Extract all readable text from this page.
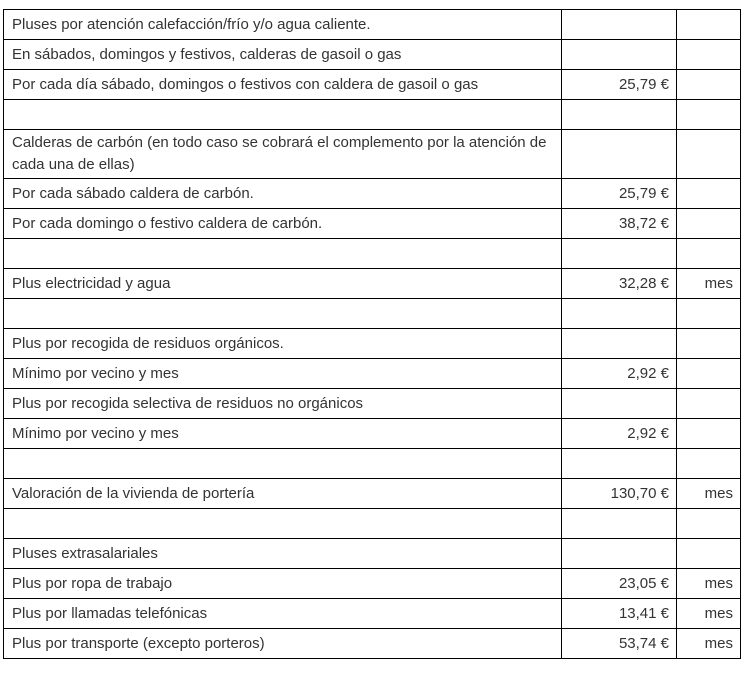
Pluses por atención calefacción/frío y/o agua caliente.		
En sábados, domingos y festivos, calderas de gasoil o gas		
Por cada día sábado, domingos o festivos con caldera de gasoil o gas	25,79 €	

Calderas de carbón (en todo caso se cobrará el complemento por la atención de cada una de ellas)		
Por cada sábado caldera de carbón.	25,79 €	
Por cada domingo o festivo caldera de carbón.	38,72 €	

Plus electricidad y agua	32,28 €	mes

Plus por recogida de residuos orgánicos.		
Mínimo por vecino y mes	2,92 €	
Plus por recogida selectiva de residuos no orgánicos		
Mínimo por vecino y mes	2,92 €	

Valoración de la vivienda de portería	130,70 €	mes

Pluses extrasalariales		
Plus por ropa de trabajo	23,05 €	mes
Plus por llamadas telefónicas	13,41 €	mes
Plus por transporte (excepto porteros)	53,74 €	mes
